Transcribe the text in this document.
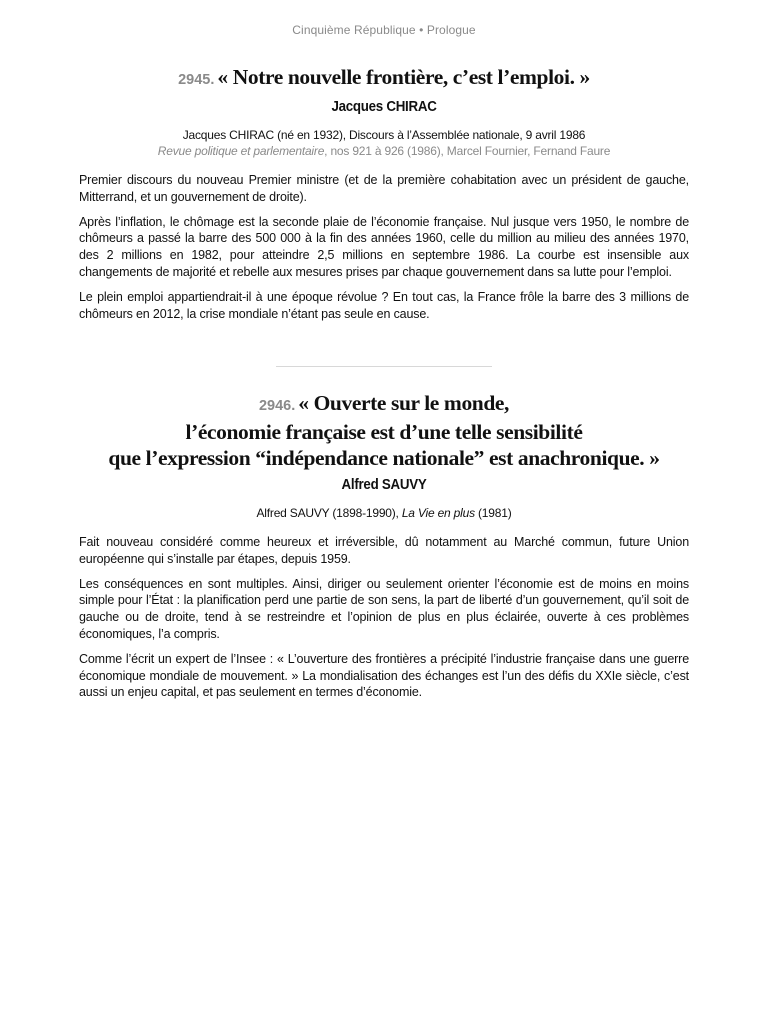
Cinquième République • Prologue
2945. « Notre nouvelle frontière, c’est l’emploi. »
Jacques CHIRAC
Jacques CHIRAC (né en 1932), Discours à l’Assemblée nationale, 9 avril 1986
Revue politique et parlementaire, nos 921 à 926 (1986), Marcel Fournier, Fernand Faure

Premier discours du nouveau Premier ministre (et de la première cohabitation avec un président de gauche, Mitterrand, et un gouvernement de droite).

Après l’inflation, le chômage est la seconde plaie de l’économie française. Nul jusque vers 1950, le nombre de chômeurs a passé la barre des 500 000 à la fin des années 1960, celle du million au milieu des années 1970, des 2 millions en 1982, pour atteindre 2,5 millions en septembre 1986. La courbe est insensible aux changements de majorité et rebelle aux mesures prises par chaque gouvernement dans sa lutte pour l’emploi.

Le plein emploi appartiendrait-il à une époque révolue ? En tout cas, la France frôle la barre des 3 millions de chômeurs en 2012, la crise mondiale n’étant pas seule en cause.

2946. « Ouverte sur le monde,
l’économie française est d’une telle sensibilité
que l’expression “indépendance nationale” est anachronique. »
Alfred SAUVY
Alfred SAUVY (1898-1990), La Vie en plus (1981)

Fait nouveau considéré comme heureux et irréversible, dû notamment au Marché commun, future Union européenne qui s’installe par étapes, depuis 1959.

Les conséquences en sont multiples. Ainsi, diriger ou seulement orienter l’économie est de moins en moins simple pour l’État : la planification perd une partie de son sens, la part de liberté d’un gouvernement, qu’il soit de gauche ou de droite, tend à se restreindre et l’opinion de plus en plus éclairée, ouverte à ces problèmes économiques, l’a compris.

Comme l’écrit un expert de l’Insee : « L’ouverture des frontières a précipité l’industrie française dans une guerre économique mondiale de mouvement. » La mondialisation des échanges est l’un des défis du XXIe siècle, c’est aussi un enjeu capital, et pas seulement en termes d’économie.
